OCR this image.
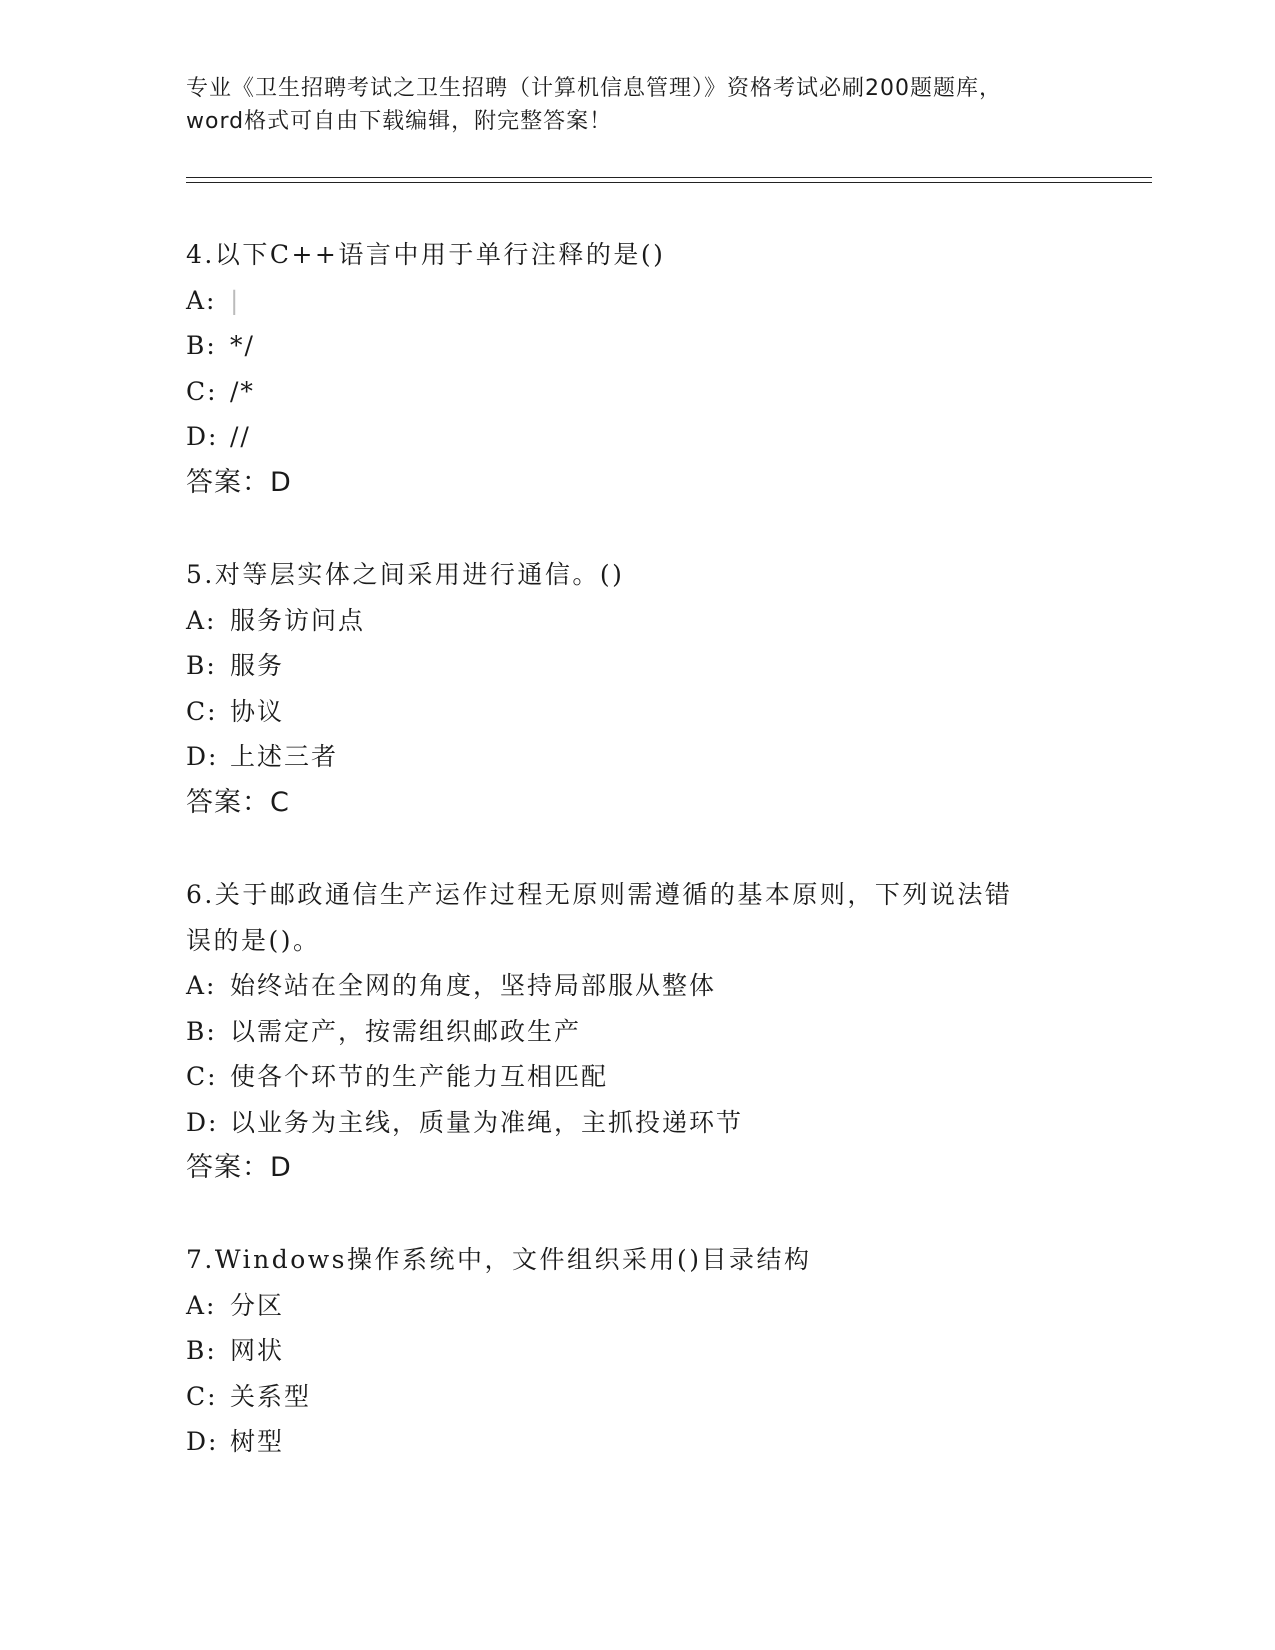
专业《卫生招聘考试之卫生招聘（计算机信息管理）》资格考试必刷200题题库，
word格式可自由下载编辑，附完整答案！
4.以下C++语言中用于单行注释的是()
A: |
B: */
C: /*
D: //
答案：D
5.对等层实体之间采用进行通信。()
A: 服务访问点
B: 服务
C: 协议
D: 上述三者
答案：C
6.关于邮政通信生产运作过程无原则需遵循的基本原则，下列说法错
误的是()。
A: 始终站在全网的角度，坚持局部服从整体
B: 以需定产，按需组织邮政生产
C: 使各个环节的生产能力互相匹配
D: 以业务为主线，质量为准绳，主抓投递环节
答案：D
7.Windows操作系统中，文件组织采用()目录结构
A: 分区
B: 网状
C: 关系型
D: 树型
